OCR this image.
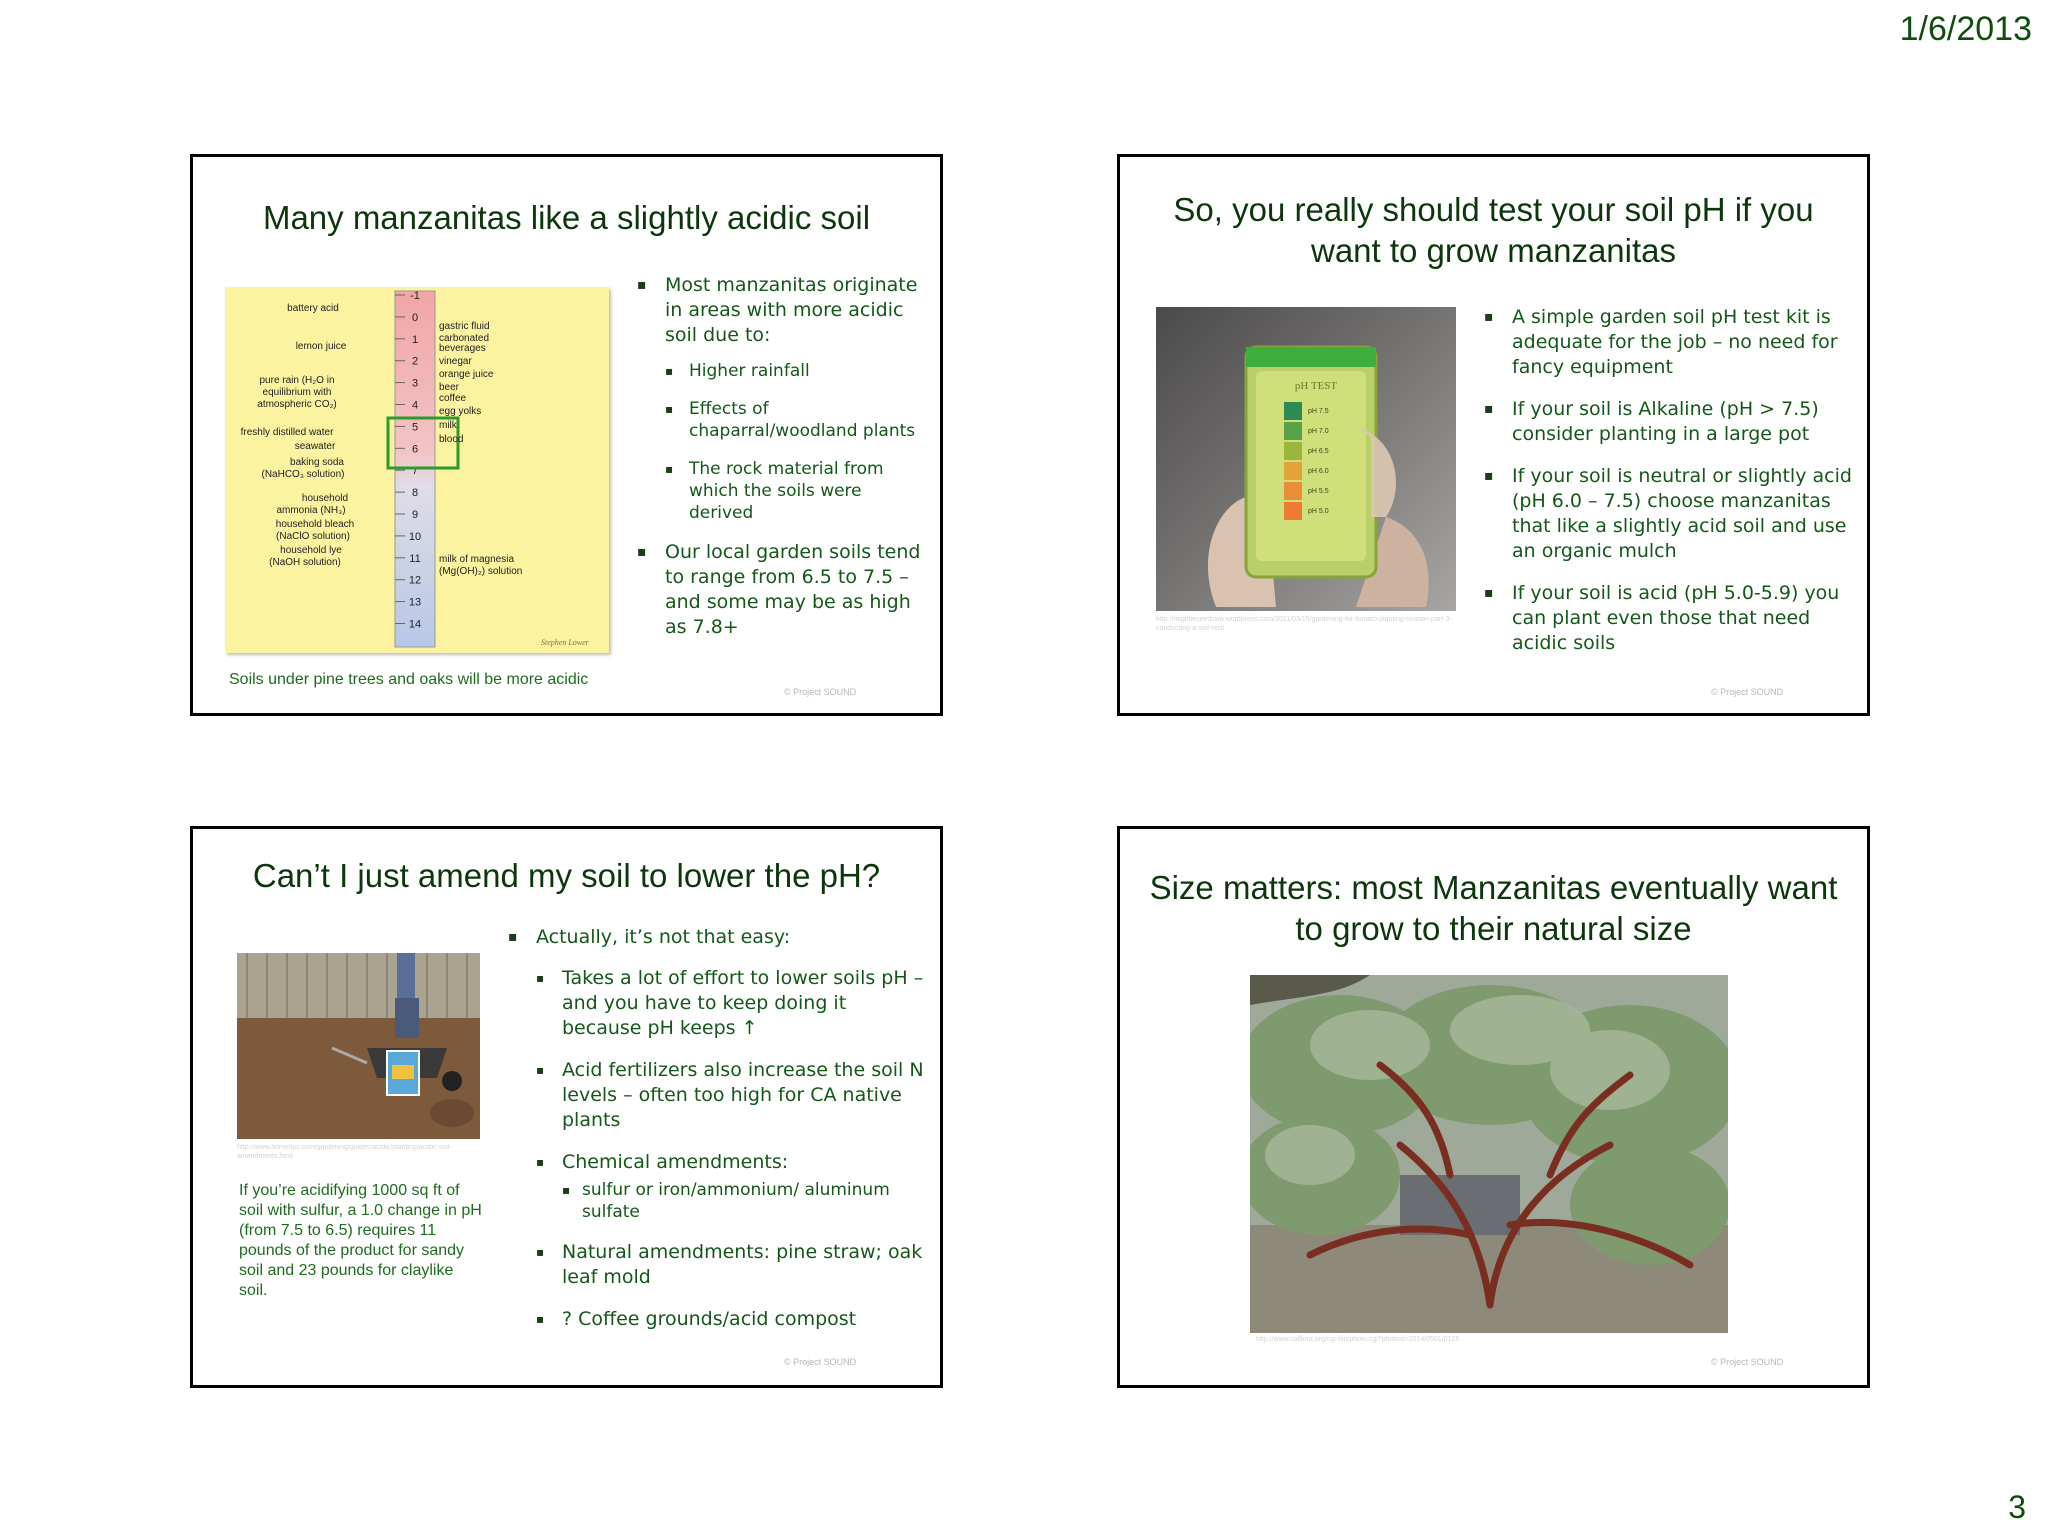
1/6/2013
3
Many manzanitas like a slightly acidic soil
-1
0
1
2
3
4
5
6
7
8
9
10
11
12
13
14
battery acid
lemon juice
pure rain (H₂O in
equilibrium with
atmospheric CO₂)
freshly distilled water
seawater
baking soda
(NaHCO₃ solution)
household
ammonia (NH₃)
household bleach
(NaClO solution)
household lye
(NaOH solution)
gastric fluid
carbonated
beverages
vinegar
orange juice
beer
coffee
egg yolks
milk
blood
milk of magnesia
(Mg(OH)₂) solution
Stephen Lower
▪ Most manzanitas originate in areas with more acidic soil due to:
▪ Higher rainfall
▪ Effects of chaparral/woodland plants
▪ The rock material from which the soils were derived
▪ Our local garden soils tend to range from 6.5 to 7.5 – and some may be as high as 7.8+
Soils under pine trees and oaks will be more acidic
© Project SOUND
So, you really should test your soil pH if you want to grow manzanitas
pH 7.5
pH 7.0
pH 6.5
pH 6.0
pH 5.5
pH 5.0
pH TEST
http://mightieseedswa.wordpress.com/2011/03/15/gardening-for-tomato-planting-season-part-3-conducting-a-soil-test/
▪ A simple garden soil pH test kit is adequate for the job – no need for fancy equipment
▪ If your soil is Alkaline (pH > 7.5) consider planting in a large pot
▪ If your soil is neutral or slightly acid (pH 6.0 – 7.5) choose manzanitas that like a slightly acid soil and use an organic mulch
▪ If your soil is acid (pH 5.0-5.9) you can plant even those that need acidic soils
© Project SOUND
Can’t I just amend my soil to lower the pH?
http://www.hometips.com/gardening/guides/acidic/planting/acidic-soil-amendments.html
If you’re acidifying 1000 sq ft of soil with sulfur, a 1.0 change in pH (from 7.5 to 6.5) requires 11 pounds of the product for sandy soil and 23 pounds for claylike soil.
▪ Actually, it’s not that easy:
▪ Takes a lot of effort to lower soils pH – and you have to keep doing it because pH keeps ↑
▪ Acid fertilizers also increase the soil N levels – often too high for CA native plants
▪ Chemical amendments:
▪ sulfur or iron/ammonium/ aluminum sulfate
▪ Natural amendments: pine straw; oak leaf mold
▪ ? Coffee grounds/acid compost
© Project SOUND
Size matters: most Manzanitas eventually want to grow to their natural size
http://www.calflora.org/cgi-bin/photo.cgi?photoid=2014/0501/0125
© Project SOUND
